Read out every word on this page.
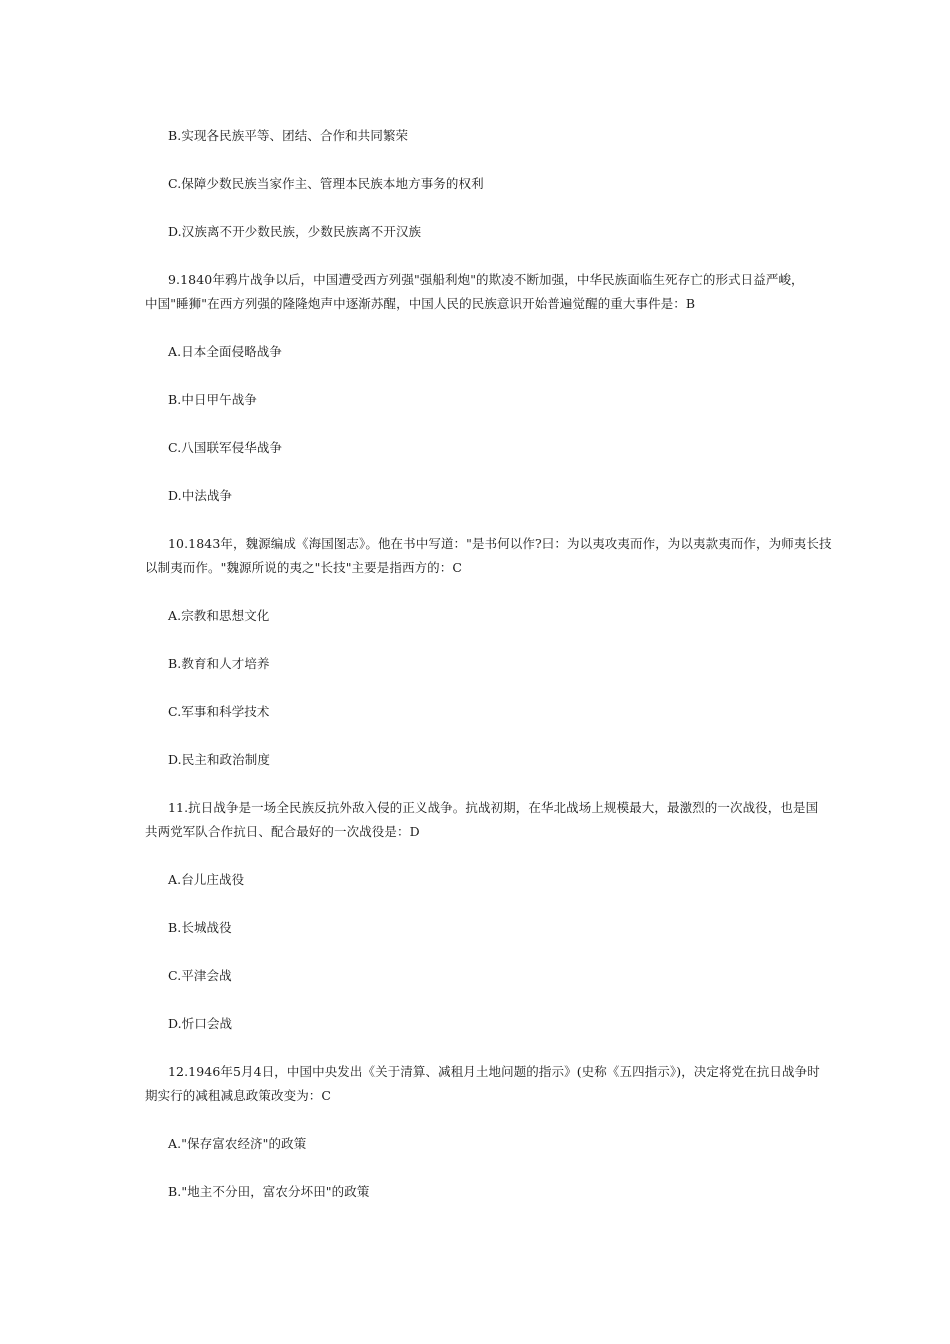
B.实现各民族平等、团结、合作和共同繁荣
C.保障少数民族当家作主、管理本民族本地方事务的权利
D.汉族离不开少数民族，少数民族离不开汉族
9.1840年鸦片战争以后，中国遭受西方列强"强船利炮"的欺凌不断加强，中华民族面临生死存亡的形式日益严峻，
中国"睡狮"在西方列强的隆隆炮声中逐渐苏醒，中国人民的民族意识开始普遍觉醒的重大事件是：B
A.日本全面侵略战争
B.中日甲午战争
C.八国联军侵华战争
D.中法战争
10.1843年，魏源编成《海国图志》。他在书中写道："是书何以作?曰：为以夷攻夷而作，为以夷款夷而作，为师夷长技
以制夷而作。"魏源所说的夷之"长技"主要是指西方的：C
A.宗教和思想文化
B.教育和人才培养
C.军事和科学技术
D.民主和政治制度
11.抗日战争是一场全民族反抗外敌入侵的正义战争。抗战初期，在华北战场上规模最大，最激烈的一次战役，也是国
共两党军队合作抗日、配合最好的一次战役是：D
A.台儿庄战役
B.长城战役
C.平津会战
D.忻口会战
12.1946年5月4日，中国中央发出《关于清算、减租月土地问题的指示》(史称《五四指示》)，决定将党在抗日战争时
期实行的减租减息政策改变为：C
A."保存富农经济"的政策
B."地主不分田，富农分坏田"的政策
